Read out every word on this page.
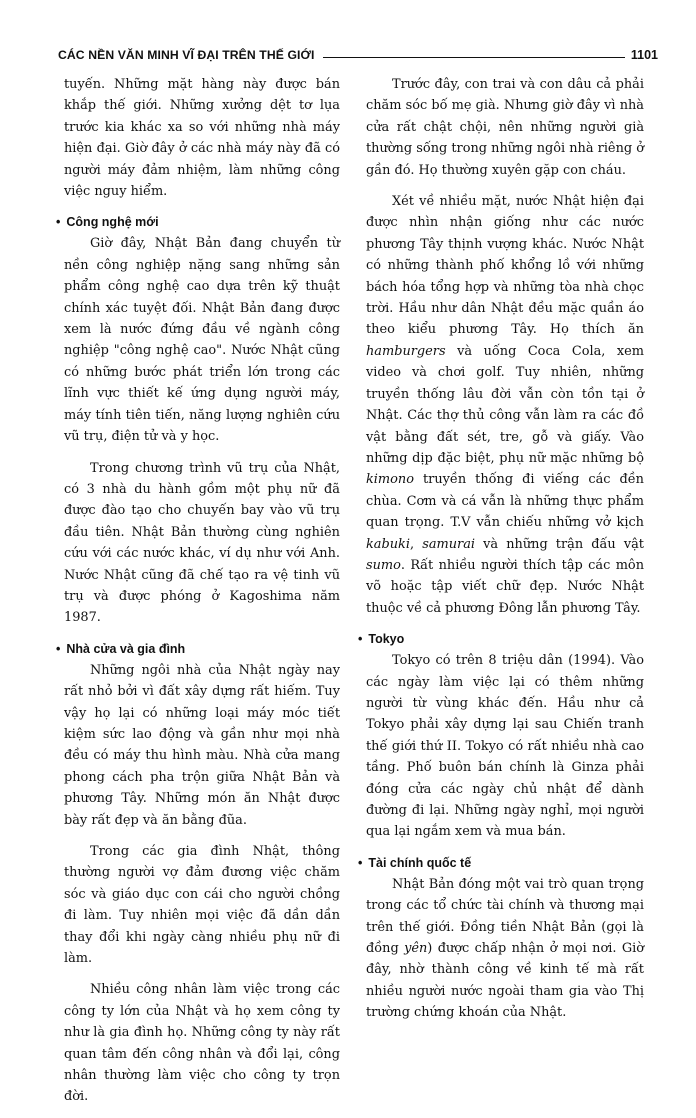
CÁC NỀN VĂN MINH VĨ ĐẠI TRÊN THẾ GIỚI	1101

tuyến. Những mặt hàng này được bán khắp thế giới. Những xưởng dệt tơ lụa trước kia khác xa so với những nhà máy hiện đại. Giờ đây ở các nhà máy này đã có người máy đảm nhiệm, làm những công việc nguy hiểm.

• Công nghệ mới

Giờ đây, Nhật Bản đang chuyển từ nền công nghiệp nặng sang những sản phẩm công nghệ cao dựa trên kỹ thuật chính xác tuyệt đối. Nhật Bản đang được xem là nước đứng đầu về ngành công nghiệp "công nghệ cao". Nước Nhật cũng có những bước phát triển lớn trong các lĩnh vực thiết kế ứng dụng người máy, máy tính tiên tiến, năng lượng nghiên cứu vũ trụ, điện tử và y học.

Trong chương trình vũ trụ của Nhật, có 3 nhà du hành gồm một phụ nữ đã được đào tạo cho chuyến bay vào vũ trụ đầu tiên. Nhật Bản thường cùng nghiên cứu với các nước khác, ví dụ như với Anh. Nước Nhật cũng đã chế tạo ra vệ tinh vũ trụ và được phóng ở Kagoshima năm 1987.

• Nhà cửa và gia đình

Những ngôi nhà của Nhật ngày nay rất nhỏ bởi vì đất xây dựng rất hiếm. Tuy vậy họ lại có những loại máy móc tiết kiệm sức lao động và gần như mọi nhà đều có máy thu hình màu. Nhà cửa mang phong cách pha trộn giữa Nhật Bản và phương Tây. Những món ăn Nhật được bày rất đẹp và ăn bằng đũa.

Trong các gia đình Nhật, thông thường người vợ đảm đương việc chăm sóc và giáo dục con cái cho người chồng đi làm. Tuy nhiên mọi việc đã dần dần thay đổi khi ngày càng nhiều phụ nữ đi làm.

Nhiều công nhân làm việc trong các công ty lớn của Nhật và họ xem công ty như là gia đình họ. Những công ty này rất quan tâm đến công nhân và đổi lại, công nhân thường làm việc cho công ty trọn đời.

Trước đây, con trai và con dâu cả phải chăm sóc bố mẹ già. Nhưng giờ đây vì nhà cửa rất chật chội, nên những người già thường sống trong những ngôi nhà riêng ở gần đó. Họ thường xuyên gặp con cháu.

Xét về nhiều mặt, nước Nhật hiện đại được nhìn nhận giống như các nước phương Tây thịnh vượng khác. Nước Nhật có những thành phố khổng lồ với những bách hóa tổng hợp và những tòa nhà chọc trời. Hầu như dân Nhật đều mặc quần áo theo kiểu phương Tây. Họ thích ăn hamburgers và uống Coca Cola, xem video và chơi golf. Tuy nhiên, những truyền thống lâu đời vẫn còn tồn tại ở Nhật. Các thợ thủ công vẫn làm ra các đồ vật bằng đất sét, tre, gỗ và giấy. Vào những dịp đặc biệt, phụ nữ mặc những bộ kimono truyền thống đi viếng các đền chùa. Cơm và cá vẫn là những thực phẩm quan trọng. T.V vẫn chiếu những vở kịch kabuki, samurai và những trận đấu vật sumo. Rất nhiều người thích tập các môn võ hoặc tập viết chữ đẹp. Nước Nhật thuộc về cả phương Đông lẫn phương Tây.

• Tokyo

Tokyo có trên 8 triệu dân (1994). Vào các ngày làm việc lại có thêm những người từ vùng khác đến. Hầu như cả Tokyo phải xây dựng lại sau Chiến tranh thế giới thứ II. Tokyo có rất nhiều nhà cao tầng. Phố buôn bán chính là Ginza phải đóng cửa các ngày chủ nhật để dành đường đi lại. Những ngày nghỉ, mọi người qua lại ngắm xem và mua bán.

• Tài chính quốc tế

Nhật Bản đóng một vai trò quan trọng trong các tổ chức tài chính và thương mại trên thế giới. Đồng tiền Nhật Bản (gọi là đồng yên) được chấp nhận ở mọi nơi. Giờ đây, nhờ thành công về kinh tế mà rất nhiều người nước ngoài tham gia vào Thị trường chứng khoán của Nhật.
